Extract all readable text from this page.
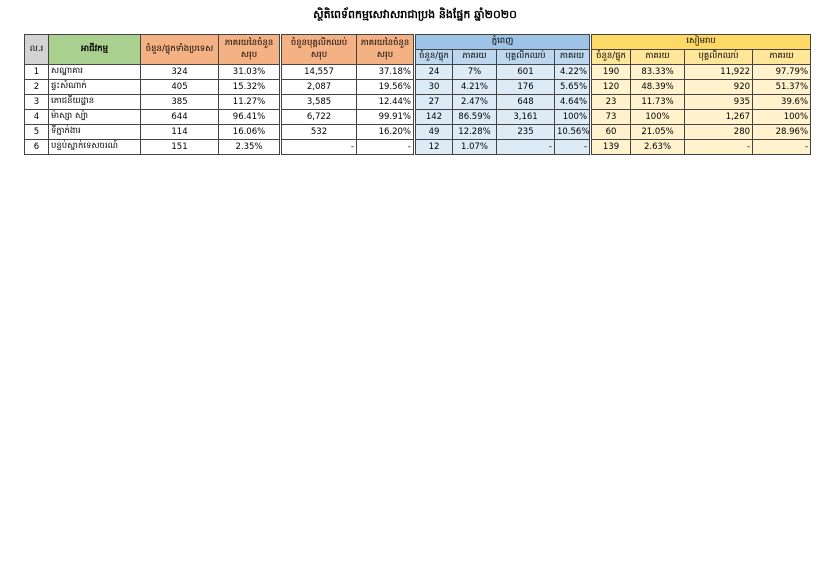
ស្ថិតិពេទ័ពកម្មសេវាសរាជាប្រង ​​និងផ្នែក ឆ្នាំ២០២០
ល.រ	អាជីវកម្ម	ចំនួន/ផ្ទុកទាំងប្រទេស	ភាគរយនៃចំនួនសរុប	ចំនួនបុគ្គលិកឈប់សរុប	ភាគរយនៃចំនួនសរុប	ភ្នំពេញ				សៀមរាប			
						ចំនួន/ផ្ទុក	ភាគរយ	បុគ្គលិកឈប់	ភាគរយ	ចំនួន/ផ្ទុក	ភាគរយ	បុគ្គលិកឈប់	ភាគរយ
1	សណ្ឋាគារ	324	31.03%	14,557	37.18%	24	7%	601	4.22%	190	83.33%	11,922	97.79%
2	ផ្ទះសំណាក់	405	15.32%	2,087	19.56%	30	4.21%	176	5.65%	120	48.39%	920	51.37%
3	ភោជនីយដ្ឋាន	385	11.27%	3,585	12.44%	27	2.47%	648	4.64%	23	11.73%	935	39.6%
4	ម៉ាស្សា ស្ប៉ា	644	96.41%	6,722	99.91%	142	86.59%	3,161	100%	73	100%	1,267	100%
5	ទីភ្នាក់ងារ	114	16.06%	532	16.20%	49	12.28%	235	10.56%	60	21.05%	280	28.96%
6	បន្ទប់ស្នាក់ទេសចរណ៍	151	2.35%	-	-	12	1.07%	-	-	139	2.63%	-	-
